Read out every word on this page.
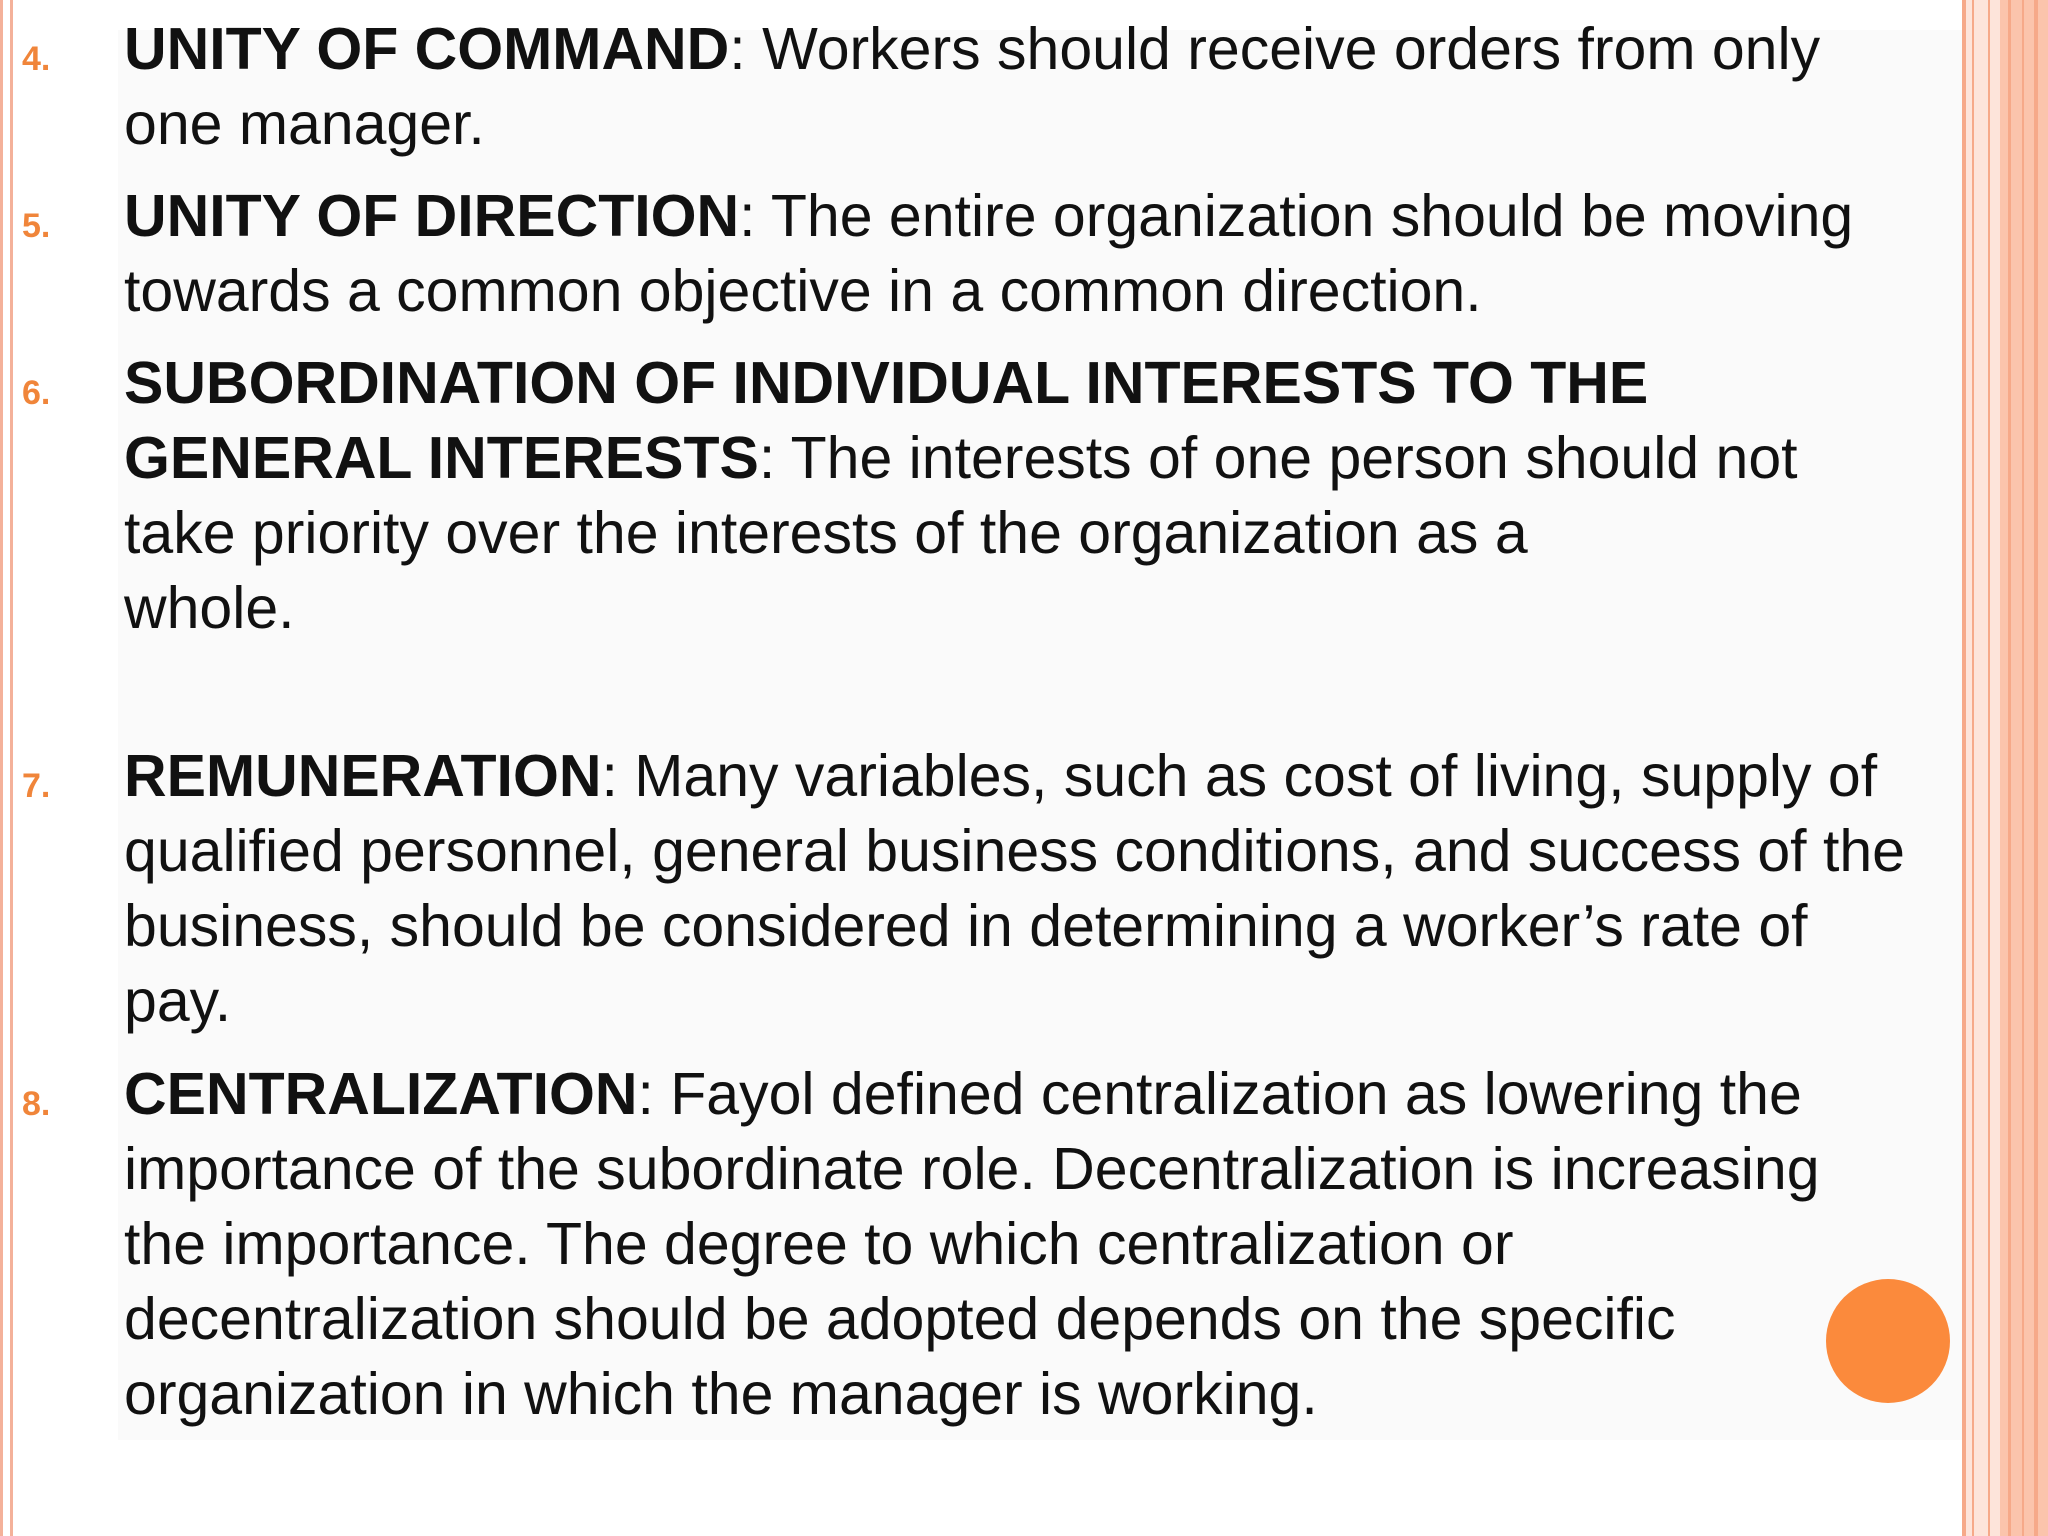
4. UNITY OF COMMAND: Workers should receive orders from only
one manager.
5. UNITY OF DIRECTION: The entire organization should be moving
towards a common objective in a common direction.
6. SUBORDINATION OF INDIVIDUAL INTERESTS TO THE
GENERAL INTERESTS: The interests of one person should not
take priority over the interests of the organization as a
whole.
7. REMUNERATION: Many variables, such as cost of living, supply of
qualified personnel, general business conditions, and success of the
business, should be considered in determining a worker’s rate of
pay.
8. CENTRALIZATION: Fayol defined centralization as lowering the
importance of the subordinate role. Decentralization is increasing
the importance. The degree to which centralization or
decentralization should be adopted depends on the specific
organization in which the manager is working.
